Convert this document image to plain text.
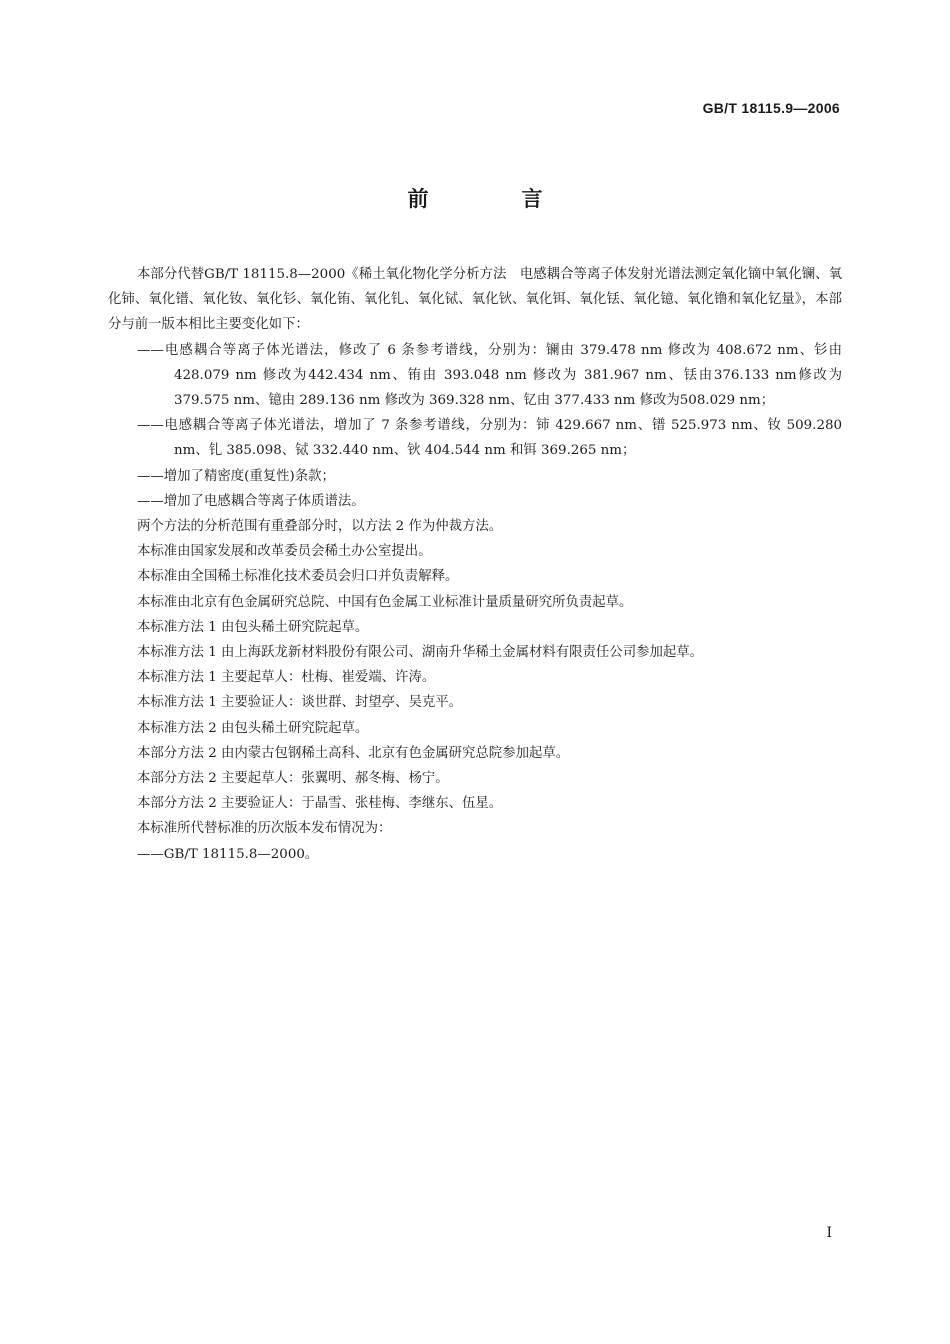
GB/T 18115.9—2006
前　言

本部分代替GB/T 18115.8—2000《稀土氧化物化学分析方法　电感耦合等离子体发射光谱法测定氧化镝中氧化镧、氧化铈、氧化镨、氧化钕、氧化钐、氧化铕、氧化钆、氧化铽、氧化钬、氧化铒、氧化铥、氧化镱、氧化镥和氧化钇量》，本部分与前一版本相比主要变化如下：

——电感耦合等离子体光谱法，修改了 6 条参考谱线，分别为：镧由 379.478 nm 修改为 408.672 nm、钐由 428.079 nm 修改为442.434 nm、铕由 393.048 nm 修改为 381.967 nm、铥由376.133 nm修改为 379.575 nm、镱由 289.136 nm 修改为 369.328 nm、钇由 377.433 nm 修改为508.029 nm；

——电感耦合等离子体光谱法，增加了 7 条参考谱线，分别为：铈 429.667 nm、镨 525.973 nm、钕 509.280 nm、钆 385.098、铽 332.440 nm、钬 404.544 nm 和铒 369.265 nm；

——增加了精密度(重复性)条款；

——增加了电感耦合等离子体质谱法。

两个方法的分析范围有重叠部分时，以方法 2 作为仲裁方法。

本标准由国家发展和改革委员会稀土办公室提出。

本标准由全国稀土标准化技术委员会归口并负责解释。

本标准由北京有色金属研究总院、中国有色金属工业标准计量质量研究所负责起草。

本标准方法 1 由包头稀土研究院起草。

本标准方法 1 由上海跃龙新材料股份有限公司、湖南升华稀土金属材料有限责任公司参加起草。

本标准方法 1 主要起草人：杜梅、崔爱端、许涛。

本标准方法 1 主要验证人：谈世群、封望亭、吴克平。

本标准方法 2 由包头稀土研究院起草。

本部分方法 2 由内蒙古包钢稀土高科、北京有色金属研究总院参加起草。

本部分方法 2 主要起草人：张翼明、郝冬梅、杨宁。

本部分方法 2 主要验证人：于晶雪、张桂梅、李继东、伍星。

本标准所代替标准的历次版本发布情况为：

——GB/T 18115.8—2000。

I
